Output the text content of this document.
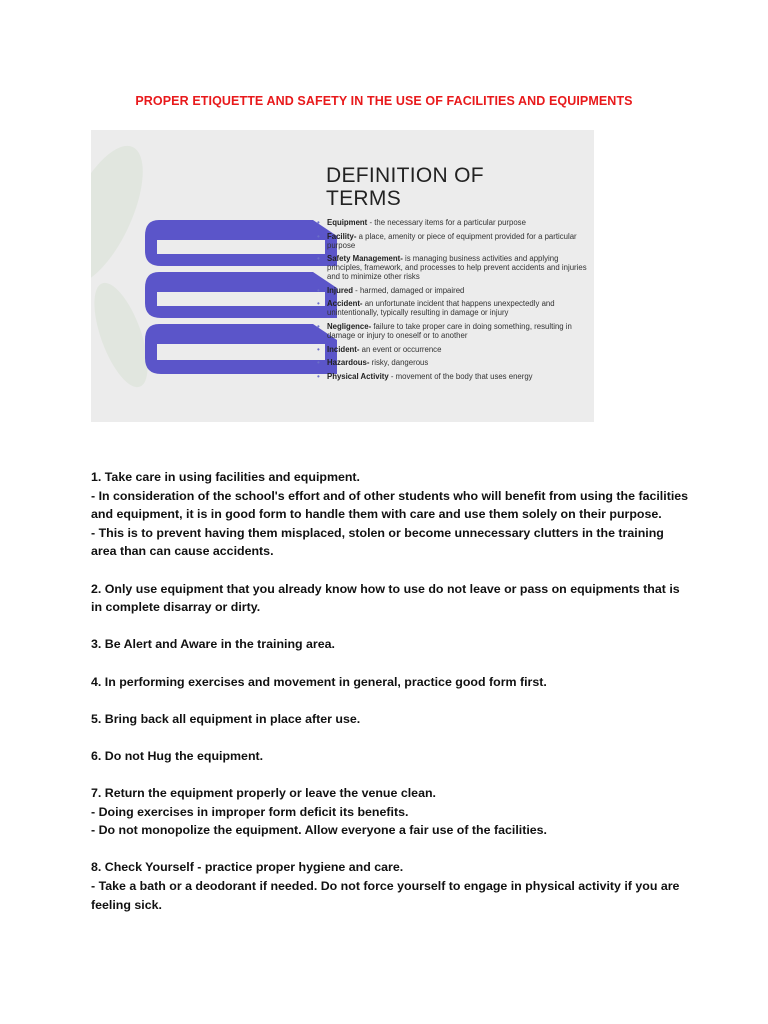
PROPER ETIQUETTE AND SAFETY IN THE USE OF FACILITIES AND EQUIPMENTS
DEFINITION OF
TERMS
• Equipment - the necessary items for a particular purpose
• Facility- a place, amenity or piece of equipment provided for a particular purpose
• Safety Management- is managing business activities and applying principles, framework, and processes to help prevent accidents and injuries and to minimize other risks
• Injured - harmed, damaged or impaired
• Accident- an unfortunate incident that happens unexpectedly and unintentionally, typically resulting in damage or injury
• Negligence- failure to take proper care in doing something, resulting in damage or injury to oneself or to another
• Incident- an event or occurrence
• Hazardous- risky, dangerous
• Physical Activity - movement of the body that uses energy

1. Take care in using facilities and equipment.
- In consideration of the school's effort and of other students who will benefit from using the facilities and equipment, it is in good form to handle them with care and use them solely on their purpose.
- This is to prevent having them misplaced, stolen or become unnecessary clutters in the training area than can cause accidents.

2. Only use equipment that you already know how to use do not leave or pass on equipments that is in complete disarray or dirty.

3. Be Alert and Aware in the training area.

4. In performing exercises and movement in general, practice good form first.

5. Bring back all equipment in place after use.

6. Do not Hug the equipment.

7. Return the equipment properly or leave the venue clean.
- Doing exercises in improper form deficit its benefits.
- Do not monopolize the equipment. Allow everyone a fair use of the facilities.

8. Check Yourself - practice proper hygiene and care.
- Take a bath or a deodorant if needed. Do not force yourself to engage in physical activity if you are feeling sick.
